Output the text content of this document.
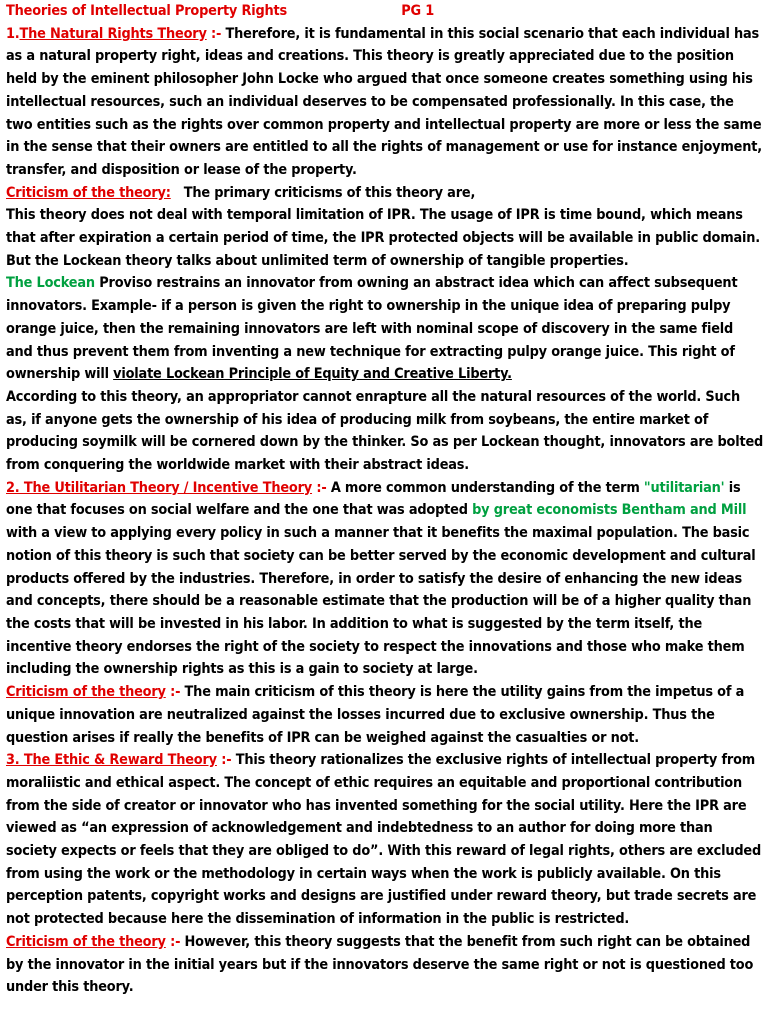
Theories of Intellectual Property Rights	PG 1

1.The Natural Rights Theory :- Therefore, it is fundamental in this social scenario that each individual has as a natural property right, ideas and creations. This theory is greatly appreciated due to the position held by the eminent philosopher John Locke who argued that once someone creates something using his intellectual resources, such an individual deserves to be compensated professionally. In this case, the two entities such as the rights over common property and intellectual property are more or less the same in the sense that their owners are entitled to all the rights of management or use for instance enjoyment, transfer, and disposition or lease of the property.

Criticism of the theory:   The primary criticisms of this theory are,

This theory does not deal with temporal limitation of IPR. The usage of IPR is time bound, which means that after expiration a certain period of time, the IPR protected objects will be available in public domain. But the Lockean theory talks about unlimited term of ownership of tangible properties.

The Lockean Proviso restrains an innovator from owning an abstract idea which can affect subsequent innovators. Example- if a person is given the right to ownership in the unique idea of preparing pulpy orange juice, then the remaining innovators are left with nominal scope of discovery in the same field and thus prevent them from inventing a new technique for extracting pulpy orange juice. This right of ownership will violate Lockean Principle of Equity and Creative Liberty.

According to this theory, an appropriator cannot enrapture all the natural resources of the world. Such as, if anyone gets the ownership of his idea of producing milk from soybeans, the entire market of producing soymilk will be cornered down by the thinker. So as per Lockean thought, innovators are bolted from conquering the worldwide market with their abstract ideas.

2. The Utilitarian Theory / Incentive Theory :- A more common understanding of the term "utilitarian' is one that focuses on social welfare and the one that was adopted by great economists Bentham and Mill with a view to applying every policy in such a manner that it benefits the maximal population. The basic notion of this theory is such that society can be better served by the economic development and cultural products offered by the industries. Therefore, in order to satisfy the desire of enhancing the new ideas and concepts, there should be a reasonable estimate that the production will be of a higher quality than the costs that will be invested in his labor. In addition to what is suggested by the term itself, the incentive theory endorses the right of the society to respect the innovations and those who make them including the ownership rights as this is a gain to society at large.

Criticism of the theory :- The main criticism of this theory is here the utility gains from the impetus of a unique innovation are neutralized against the losses incurred due to exclusive ownership. Thus the question arises if really the benefits of IPR can be weighed against the casualties or not.

3. The Ethic & Reward Theory :- This theory rationalizes the exclusive rights of intellectual property from moraliistic and ethical aspect. The concept of ethic requires an equitable and proportional contribution from the side of creator or innovator who has invented something for the social utility. Here the IPR are viewed as “an expression of acknowledgement and indebtedness to an author for doing more than society expects or feels that they are obliged to do”. With this reward of legal rights, others are excluded from using the work or the methodology in certain ways when the work is publicly available. On this perception patents, copyright works and designs are justified under reward theory, but trade secrets are not protected because here the dissemination of information in the public is restricted.

Criticism of the theory :- However, this theory suggests that the benefit from such right can be obtained by the innovator in the initial years but if the innovators deserve the same right or not is questioned too under this theory.
